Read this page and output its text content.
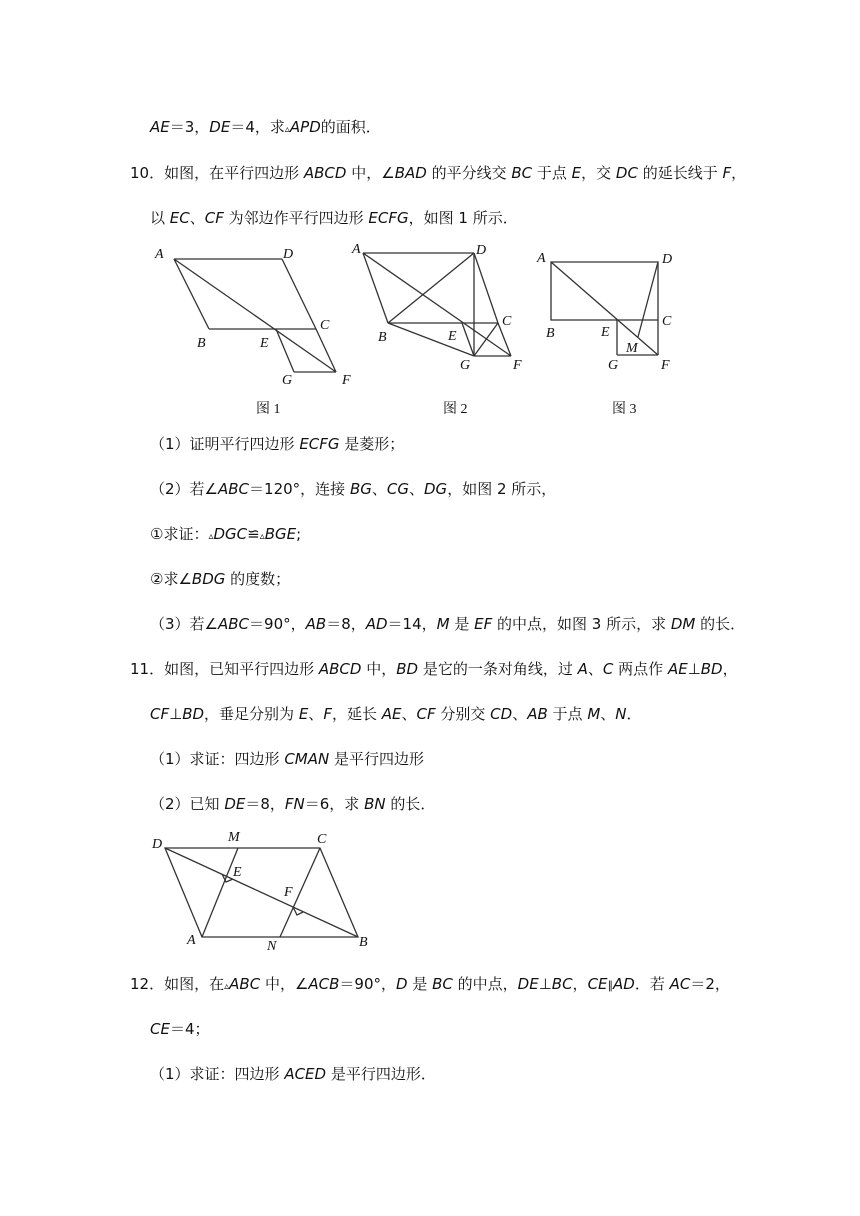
AE＝3，DE＝4，求▵APD的面积．
10．如图，在平行四边形 ABCD 中，∠BAD 的平分线交 BC 于点 E，交 DC 的延长线于 F，
以 EC、CF 为邻边作平行四边形 ECFG，如图 1 所示．
A	D
B	E
C
G	F
图 1
A	D
B	E
C
G	F
图 2
A	D
B	E
C
M
G	F
图 3
D	M	C
E
F
A	N	B
（1）证明平行四边形 ECFG 是菱形；
（2）若∠ABC＝120°，连接 BG、CG、DG，如图 2 所示，
①求证：▵DGC≌▵BGE;
②求∠BDG 的度数；
（3）若∠ABC＝90°，AB＝8，AD＝14，M 是 EF 的中点，如图 3 所示，求 DM 的长．
11．如图，已知平行四边形 ABCD 中，BD 是它的一条对角线，过 A、C 两点作 AE⊥BD，
CF⊥BD，垂足分别为 E、F，延长 AE、CF 分别交 CD、AB 于点 M、N．
（1）求证：四边形 CMAN 是平行四边形
（2）已知 DE＝8，FN＝6，求 BN 的长．
12．如图，在▵ABC 中，∠ACB＝90°，D 是 BC 的中点，DE⊥BC，CE∥AD．若 AC＝2，
CE＝4；
（1）求证：四边形 ACED 是平行四边形．
